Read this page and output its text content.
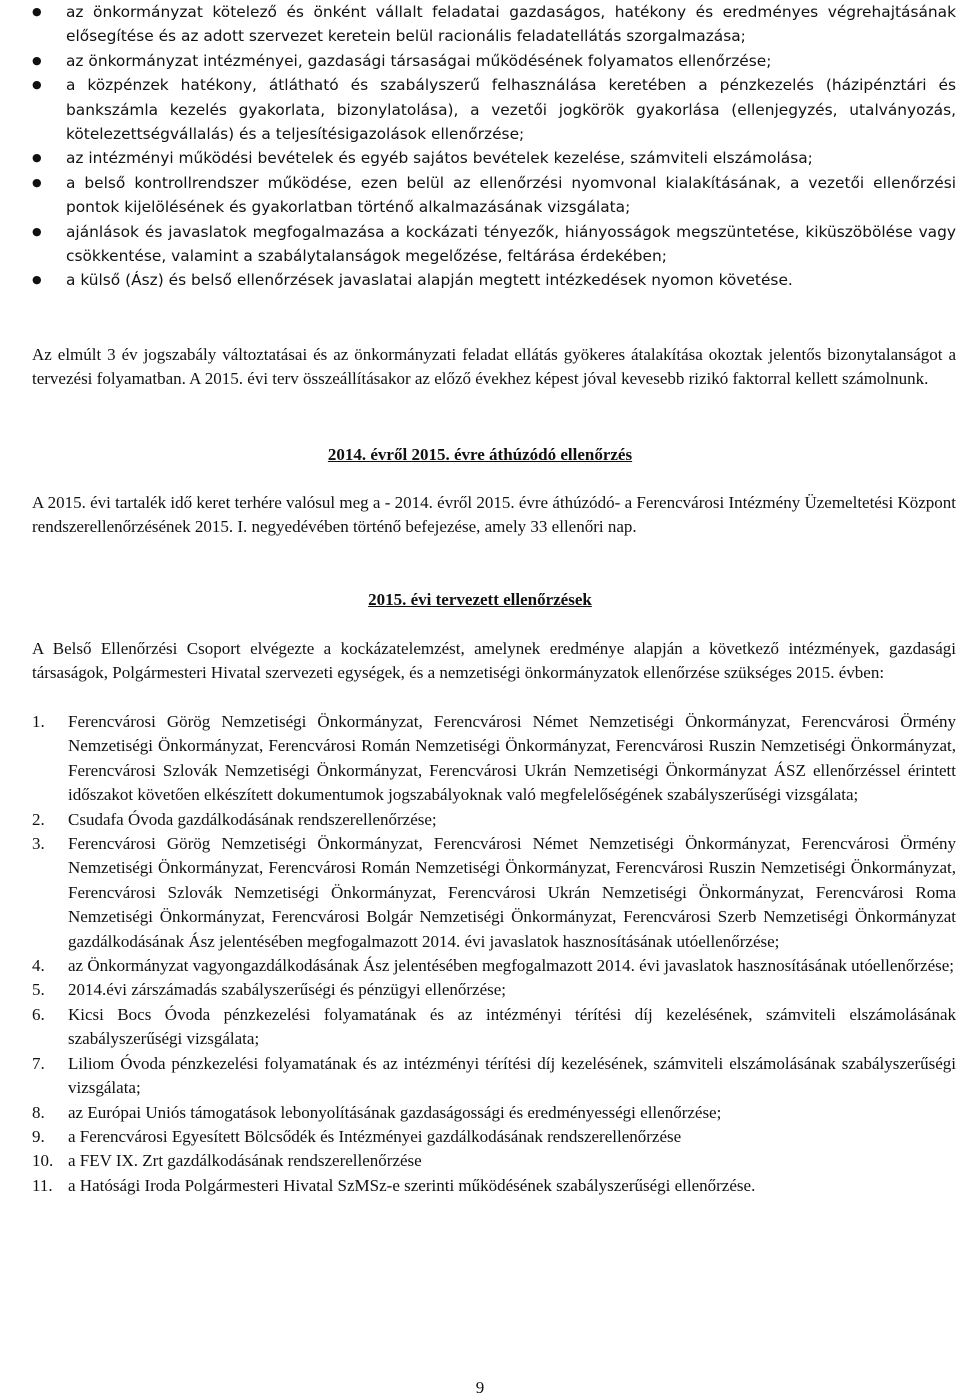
● az önkormányzat kötelező és önként vállalt feladatai gazdaságos, hatékony és eredményes végrehajtásának elősegítése és az adott szervezet keretein belül racionális feladatellátás szorgalmazása;
● az önkormányzat intézményei, gazdasági társaságai működésének folyamatos ellenőrzése;
● a közpénzek hatékony, átlátható és szabályszerű felhasználása keretében a pénzkezelés (házipénztári és bankszámla kezelés gyakorlata, bizonylatolása), a vezetői jogkörök gyakorlása (ellenjegyzés, utalványozás, kötelezettségvállalás) és a teljesítésigazolások ellenőrzése;
● az intézményi működési bevételek és egyéb sajátos bevételek kezelése, számviteli elszámolása;
● a belső kontrollrendszer működése, ezen belül az ellenőrzési nyomvonal kialakításának, a vezetői ellenőrzési pontok kijelölésének és gyakorlatban történő alkalmazásának vizsgálata;
● ajánlások és javaslatok megfogalmazása a kockázati tényezők, hiányosságok megszüntetése, kiküszöbölése vagy csökkentése, valamint a szabálytalanságok megelőzése, feltárása érdekében;
● a külső (Ász) és belső ellenőrzések javaslatai alapján megtett intézkedések nyomon követése.

Az elmúlt 3 év jogszabály változtatásai és az önkormányzati feladat ellátás gyökeres átalakítása okoztak jelentős bizonytalanságot a tervezési folyamatban. A 2015. évi terv összeállításakor az előző évekhez képest jóval kevesebb rizikó faktorral kellett számolnunk.

2014. évről 2015. évre áthúzódó ellenőrzés

A 2015. évi tartalék idő keret terhére valósul meg a - 2014. évről 2015. évre áthúzódó- a Ferencvárosi Intézmény Üzemeltetési Központ rendszerellenőrzésének 2015. I. negyedévében történő befejezése, amely 33 ellenőri nap.

2015. évi tervezett ellenőrzések

A Belső Ellenőrzési Csoport elvégezte a kockázatelemzést, amelynek eredménye alapján a következő intézmények, gazdasági társaságok, Polgármesteri Hivatal szervezeti egységek, és a nemzetiségi önkormányzatok ellenőrzése szükséges 2015. évben:

1. Ferencvárosi Görög Nemzetiségi Önkormányzat, Ferencvárosi Német Nemzetiségi Önkormányzat, Ferencvárosi Örmény Nemzetiségi Önkormányzat, Ferencvárosi Román Nemzetiségi Önkormányzat, Ferencvárosi Ruszin Nemzetiségi Önkormányzat, Ferencvárosi Szlovák Nemzetiségi Önkormányzat, Ferencvárosi Ukrán Nemzetiségi Önkormányzat ÁSZ ellenőrzéssel érintett időszakot követően elkészített dokumentumok jogszabályoknak való megfelelőségének szabályszerűségi vizsgálata;
2. Csudafa Óvoda gazdálkodásának rendszerellenőrzése;
3. Ferencvárosi Görög Nemzetiségi Önkormányzat, Ferencvárosi Német Nemzetiségi Önkormányzat, Ferencvárosi Örmény Nemzetiségi Önkormányzat, Ferencvárosi Román Nemzetiségi Önkormányzat, Ferencvárosi Ruszin Nemzetiségi Önkormányzat, Ferencvárosi Szlovák Nemzetiségi Önkormányzat, Ferencvárosi Ukrán Nemzetiségi Önkormányzat, Ferencvárosi Roma Nemzetiségi Önkormányzat, Ferencvárosi Bolgár Nemzetiségi Önkormányzat, Ferencvárosi Szerb Nemzetiségi Önkormányzat gazdálkodásának Ász jelentésében megfogalmazott 2014. évi javaslatok hasznosításának utóellenőrzése;
4. az Önkormányzat vagyongazdálkodásának Ász jelentésében megfogalmazott 2014. évi javaslatok hasznosításának utóellenőrzése;
5. 2014.évi zárszámadás szabályszerűségi és pénzügyi ellenőrzése;
6. Kicsi Bocs Óvoda pénzkezelési folyamatának és az intézményi térítési díj kezelésének, számviteli elszámolásának szabályszerűségi vizsgálata;
7. Liliom Óvoda pénzkezelési folyamatának és az intézményi térítési díj kezelésének, számviteli elszámolásának szabályszerűségi vizsgálata;
8. az Európai Uniós támogatások lebonyolításának gazdaságossági és eredményességi ellenőrzése;
9. a Ferencvárosi Egyesített Bölcsődék és Intézményei gazdálkodásának rendszerellenőrzése
10. a FEV IX. Zrt gazdálkodásának rendszerellenőrzése
11. a Hatósági Iroda Polgármesteri Hivatal SzMSz-e szerinti működésének szabályszerűségi ellenőrzése.
9
